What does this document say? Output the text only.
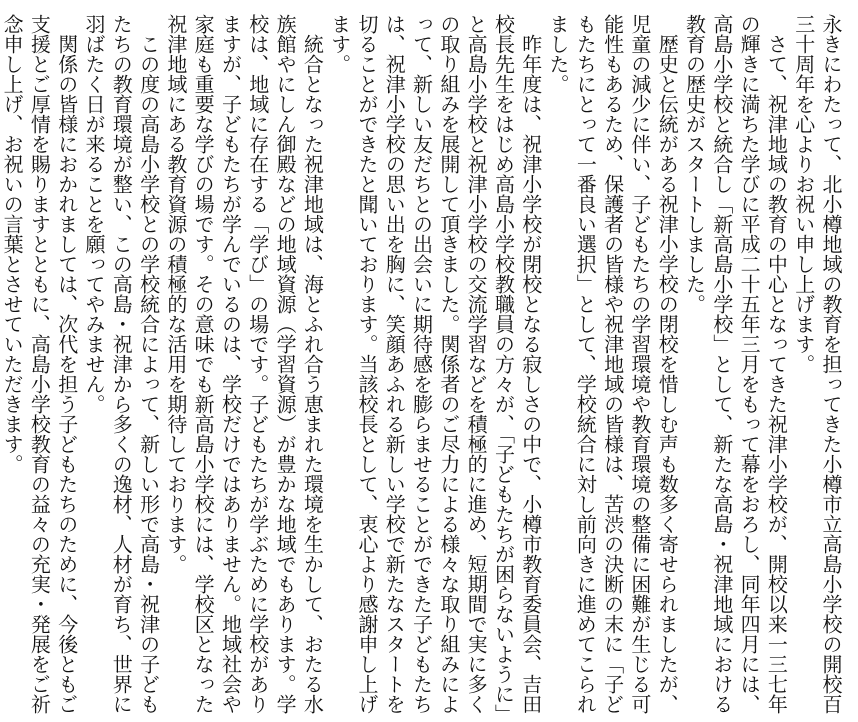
永きにわたって、北小樽地域の教育を担ってきた小樽市立高島小学校の開校百三十周年を心よりお祝い申し上げます。

さて、祝津地域の教育の中心となってきた祝津小学校が、開校以来一三七年の輝きに満ちた学びに平成二十五年三月をもって幕をおろし、同年四月には、高島小学校と統合し「新高島小学校」として、新たな高島・祝津地域における教育の歴史がスタートしました。

歴史と伝統がある祝津小学校の閉校を惜しむ声も数多く寄せられましたが、児童の減少に伴い、子どもたちの学習環境や教育環境の整備に困難が生じる可能性もあるため、保護者の皆様や祝津地域の皆様は、苦渋の決断の末に「子どもたちにとって一番良い選択」として、学校統合に対し前向きに進めてこられました。

昨年度は、祝津小学校が閉校となる寂しさの中で、小樽市教育委員会、吉田校長先生をはじめ高島小学校教職員の方々が、「子どもたちが困らないように」と高島小学校と祝津小学校の交流学習などを積極的に進め、短期間で実に多くの取り組みを展開して頂きました。関係者のご尽力による様々な取り組みによって、新しい友だちとの出会いに期待感を膨らませることができた子どもたちは、祝津小学校の思い出を胸に、笑顔あふれる新しい学校で新たなスタートを切ることができたと聞いております。当該校長として、衷心より感謝申し上げます。

統合となった祝津地域は、海とふれ合う恵まれた環境を生かして、おたる水族館やにしん御殿などの地域資源（学習資源）が豊かな地域でもあります。学校は、地域に存在する「学び」の場です。子どもたちが学ぶために学校がありますが、子どもたちが学んでいるのは、学校だけではありません。地域社会や家庭も重要な学びの場です。その意味でも新高島小学校には、学校区となった祝津地域にある教育資源の積極的な活用を期待しております。

この度の高島小学校との学校統合によって、新しい形で高島・祝津の子どもたちの教育環境が整い、この高島・祝津から多くの逸材、人材が育ち、世界に羽ばたく日が来ることを願ってやみません。

関係の皆様におかれましては、次代を担う子どもたちのために、今後ともご支援とご厚情を賜りますとともに、高島小学校教育の益々の充実・発展をご祈念申し上げ、お祝いの言葉とさせていただきます。
